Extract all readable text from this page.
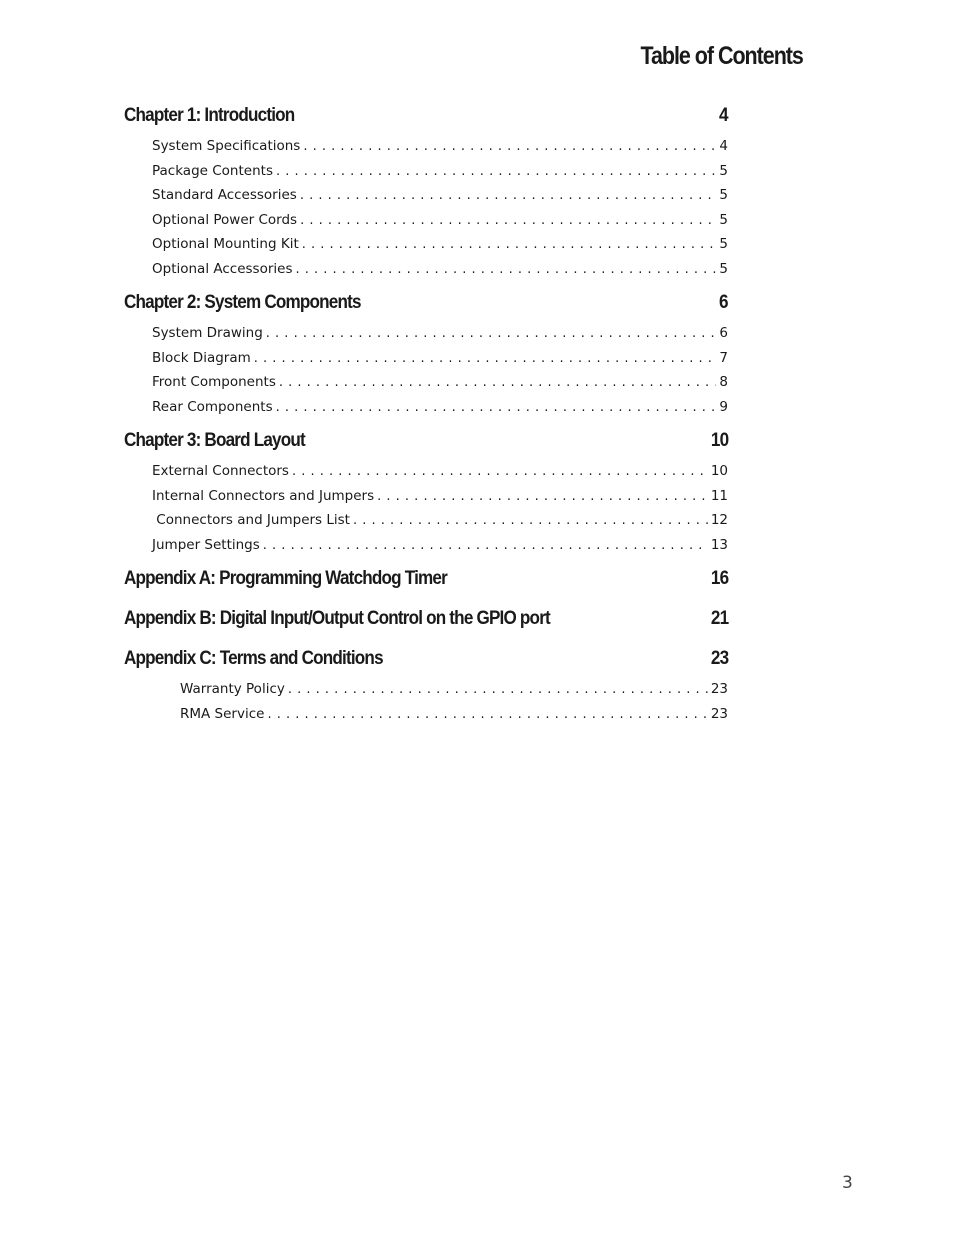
Table of Contents
Chapter 1: Introduction	4
System Specifications . . .	4
Package Contents . . .	5
Standard Accessories . . .	5
Optional Power Cords . . .	5
Optional Mounting Kit . . .	5
Optional Accessories . . .	5
Chapter 2: System Components	6
System Drawing . . .	6
Block Diagram . . .	7
Front Components . . .	8
Rear Components . . .	9
Chapter 3: Board Layout	10
External Connectors . . .	10
Internal Connectors and Jumpers . . .	11
Connectors and Jumpers List . . .	12
Jumper Settings . . .	13
Appendix A: Programming Watchdog Timer	16
Appendix B: Digital Input/Output Control on the GPIO port	21
Appendix C: Terms and Conditions	23
Warranty Policy . . .	23
RMA Service . . .	23
3
